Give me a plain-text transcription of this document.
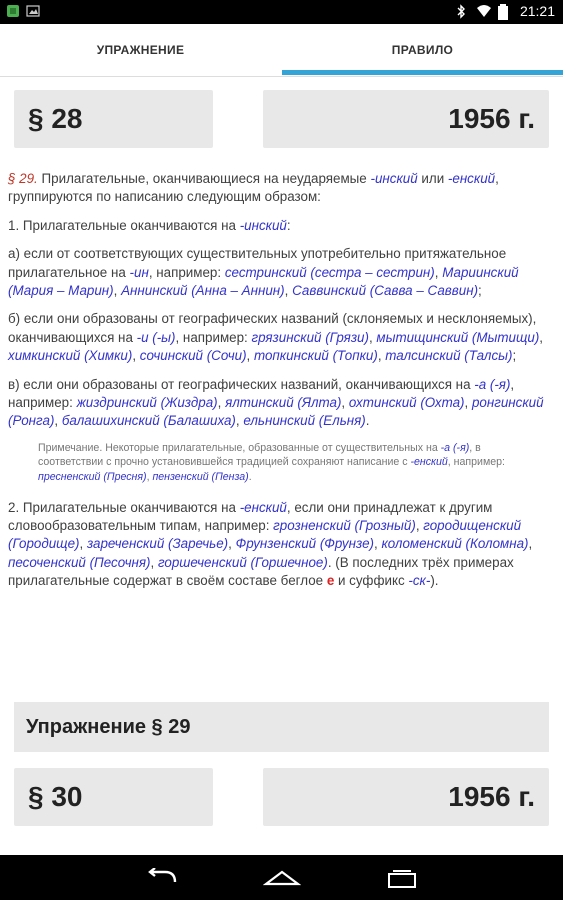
21:21
УПРАЖНЕНИЕ	ПРАВИЛО
§ 28	1956 г.

§ 29. Прилагательные, оканчивающиеся на неударяемые -инский или -енский, группируются по написанию следующим образом:

1. Прилагательные оканчиваются на -инский:

а) если от соответствующих существительных употребительно притяжательное прилагательное на -ин, например: сестринский (сестра – сестрин), Мариинский (Мария – Марин), Аннинский (Анна – Аннин), Саввинский (Савва – Саввин);

б) если они образованы от географических названий (склоняемых и несклоняемых), оканчивающихся на -и (-ы), например: грязинский (Грязи), мытищинский (Мытищи), химкинский (Химки), сочинский (Сочи), топкинский (Топки), талсинский (Талсы);

в) если они образованы от географических названий, оканчивающихся на -а (-я), например: жиздринский (Жиздра), ялтинский (Ялта), охтинский (Охта), ронгинский (Ронга), балашихинский (Балашиха), ельнинский (Ельня).

Примечание. Некоторые прилагательные, образованные от существительных на -а (-я), в соответствии с прочно установившейся традицией сохраняют написание с -енский, например: пресненский (Пресня), пензенский (Пенза).

2. Прилагательные оканчиваются на -енский, если они принадлежат к другим словообразовательным типам, например: грозненский (Грозный), городищенский (Городище), зареченский (Заречье), Фрунзенский (Фрунзе), коломенский (Коломна), песоченский (Песочня), горшеченский (Горшечное). (В последних трёх примерах прилагательные содержат в своём составе беглое е и суффикс -ск-).

Упражнение § 29
§ 30	1956 г.
